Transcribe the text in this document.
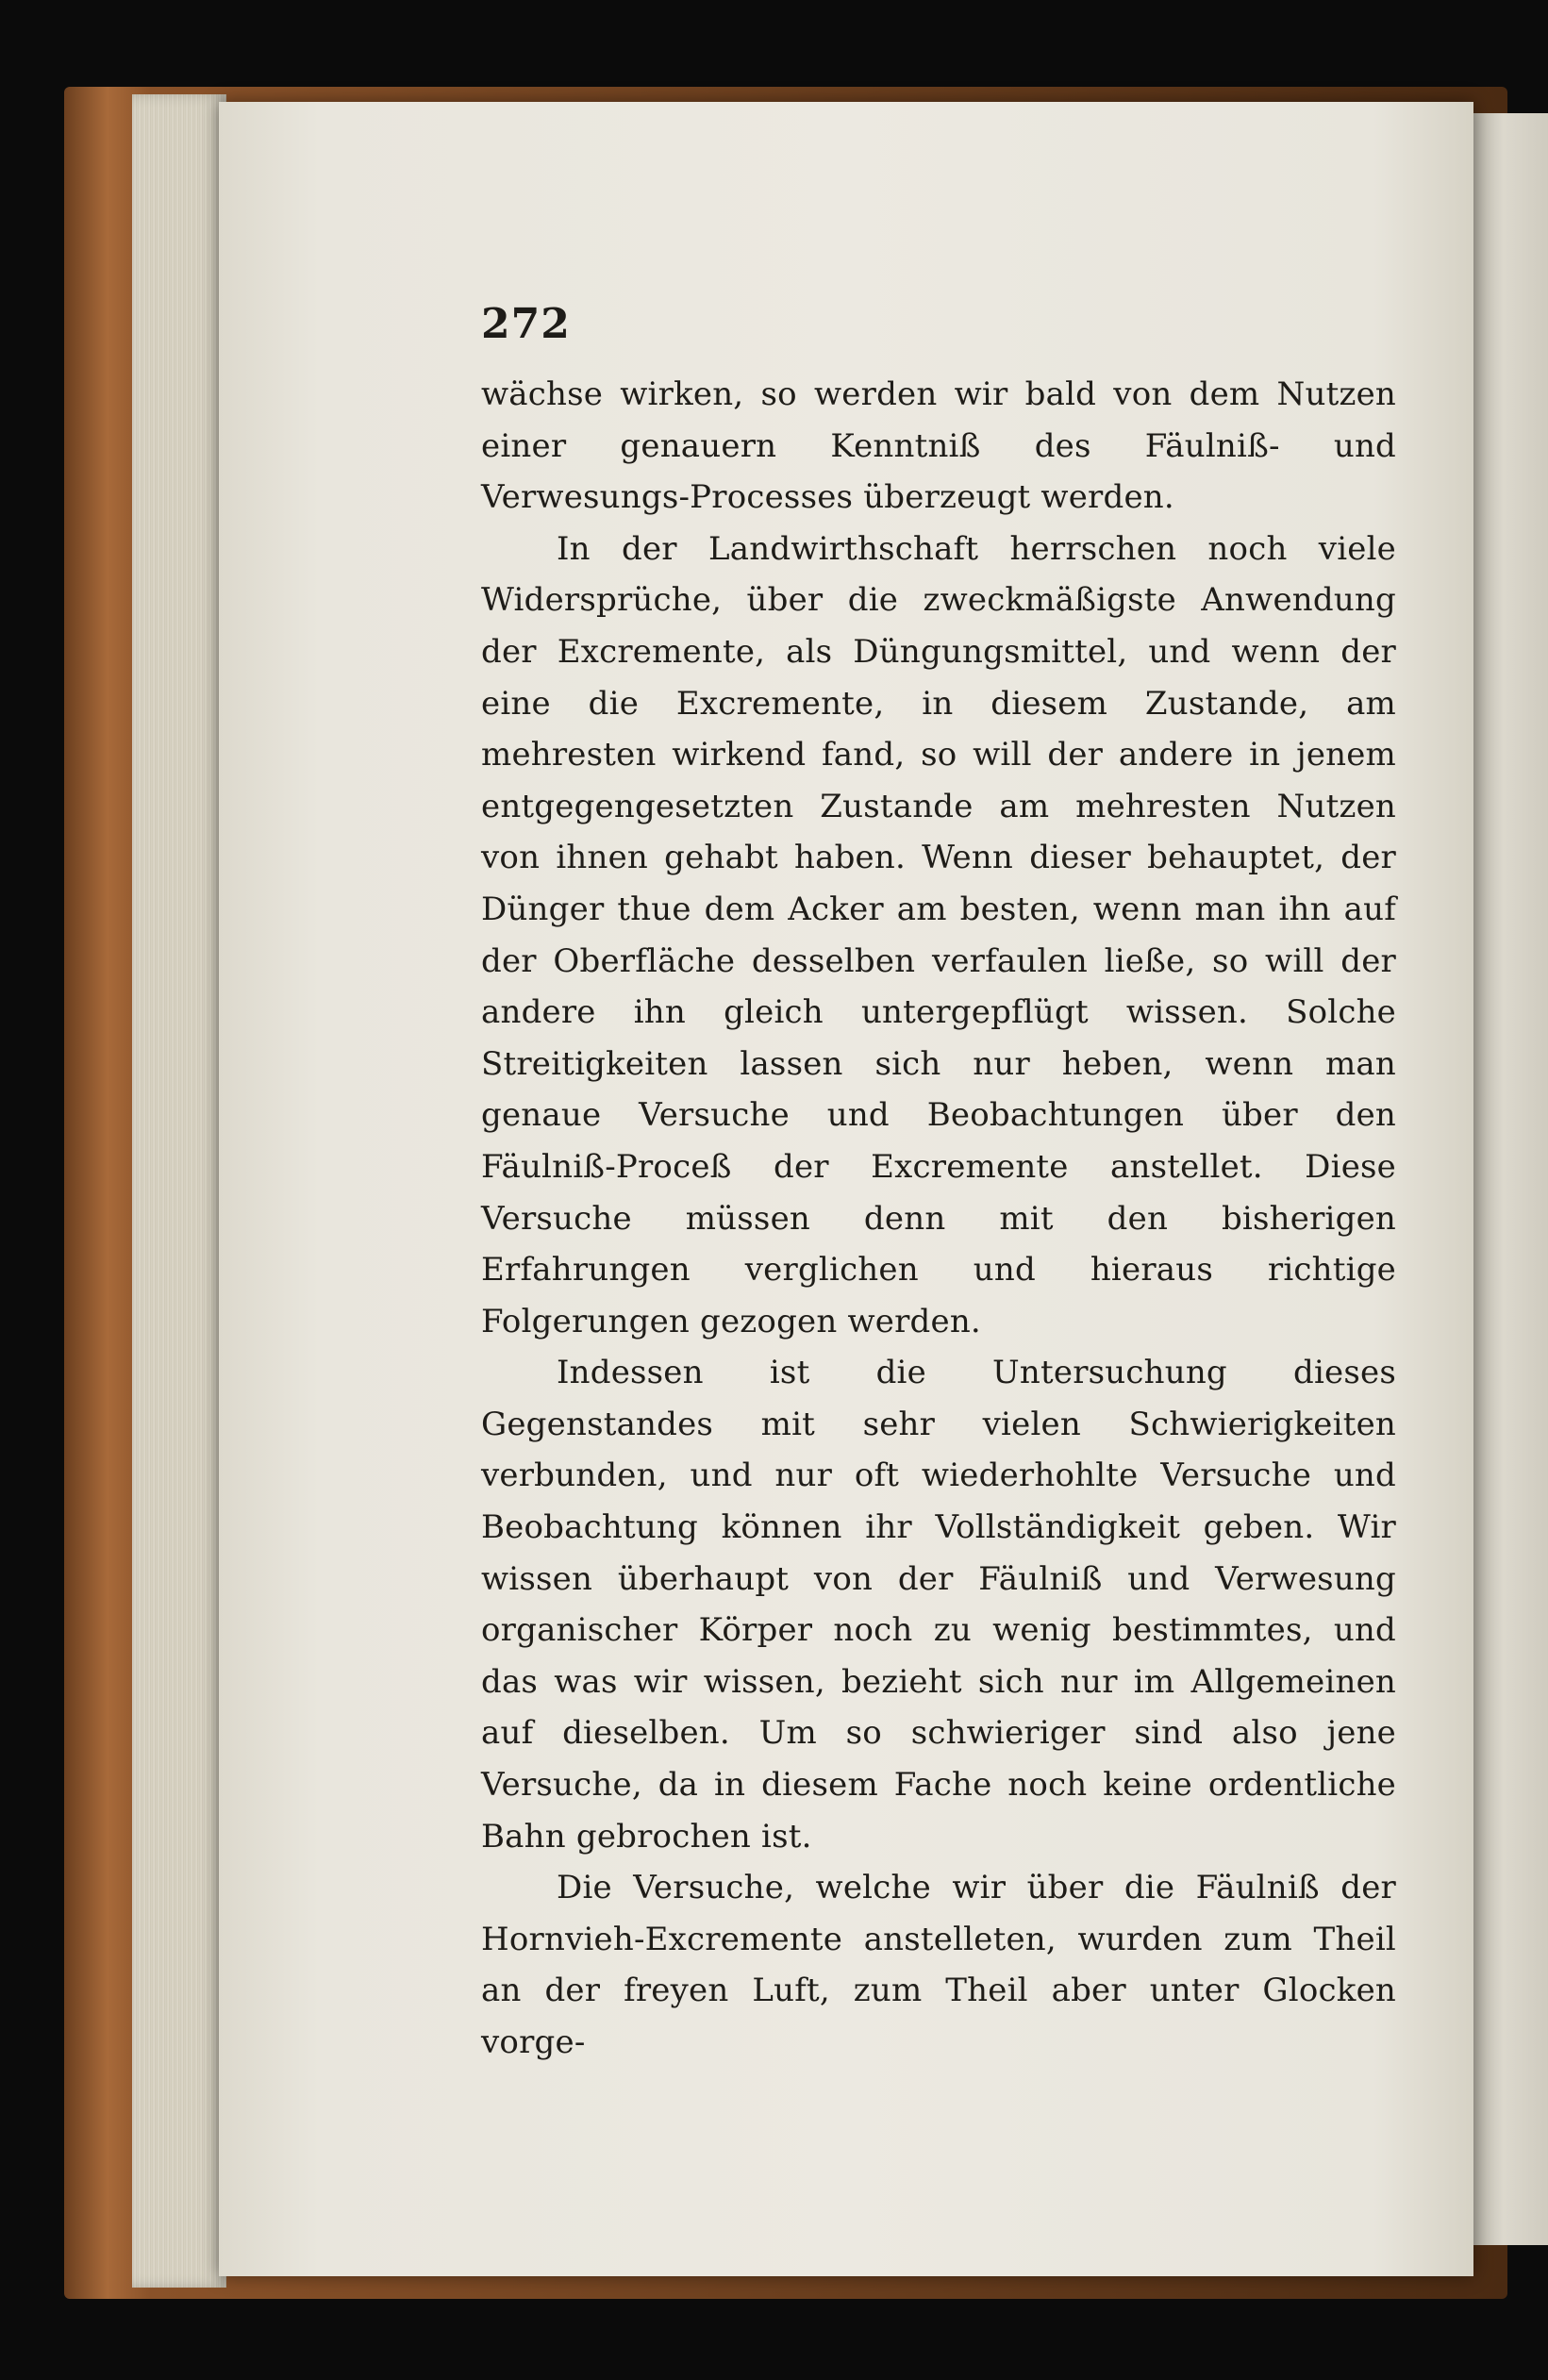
272

wächse wirken, so werden wir bald von dem Nutzen einer genauern Kenntniß des Fäulniß- und Verwesungs-Processes überzeugt werden.

In der Landwirthschaft herrschen noch viele Widersprüche, über die zweckmäßigste Anwendung der Excremente, als Düngungsmittel, und wenn der eine die Excremente, in diesem Zustande, am mehresten wirkend fand, so will der andere in jenem entgegengesetzten Zustande am mehresten Nutzen von ihnen gehabt haben. Wenn dieser behauptet, der Dünger thue dem Acker am besten, wenn man ihn auf der Oberfläche desselben verfaulen ließe, so will der andere ihn gleich untergepflügt wissen. Solche Streitigkeiten lassen sich nur heben, wenn man genaue Versuche und Beobachtungen über den Fäulniß-Proceß der Excremente anstellet. Diese Versuche müssen denn mit den bisherigen Erfahrungen verglichen und hieraus richtige Folgerungen gezogen werden.

Indessen ist die Untersuchung dieses Gegenstandes mit sehr vielen Schwierigkeiten verbunden, und nur oft wiederhohlte Versuche und Beobachtung können ihr Vollständigkeit geben. Wir wissen überhaupt von der Fäulniß und Verwesung organischer Körper noch zu wenig bestimmtes, und das was wir wissen, bezieht sich nur im Allgemeinen auf dieselben. Um so schwieriger sind also jene Versuche, da in diesem Fache noch keine ordentliche Bahn gebrochen ist.

Die Versuche, welche wir über die Fäulniß der Hornvieh-Excremente anstelleten, wurden zum Theil an der freyen Luft, zum Theil aber unter Glocken vorge-
